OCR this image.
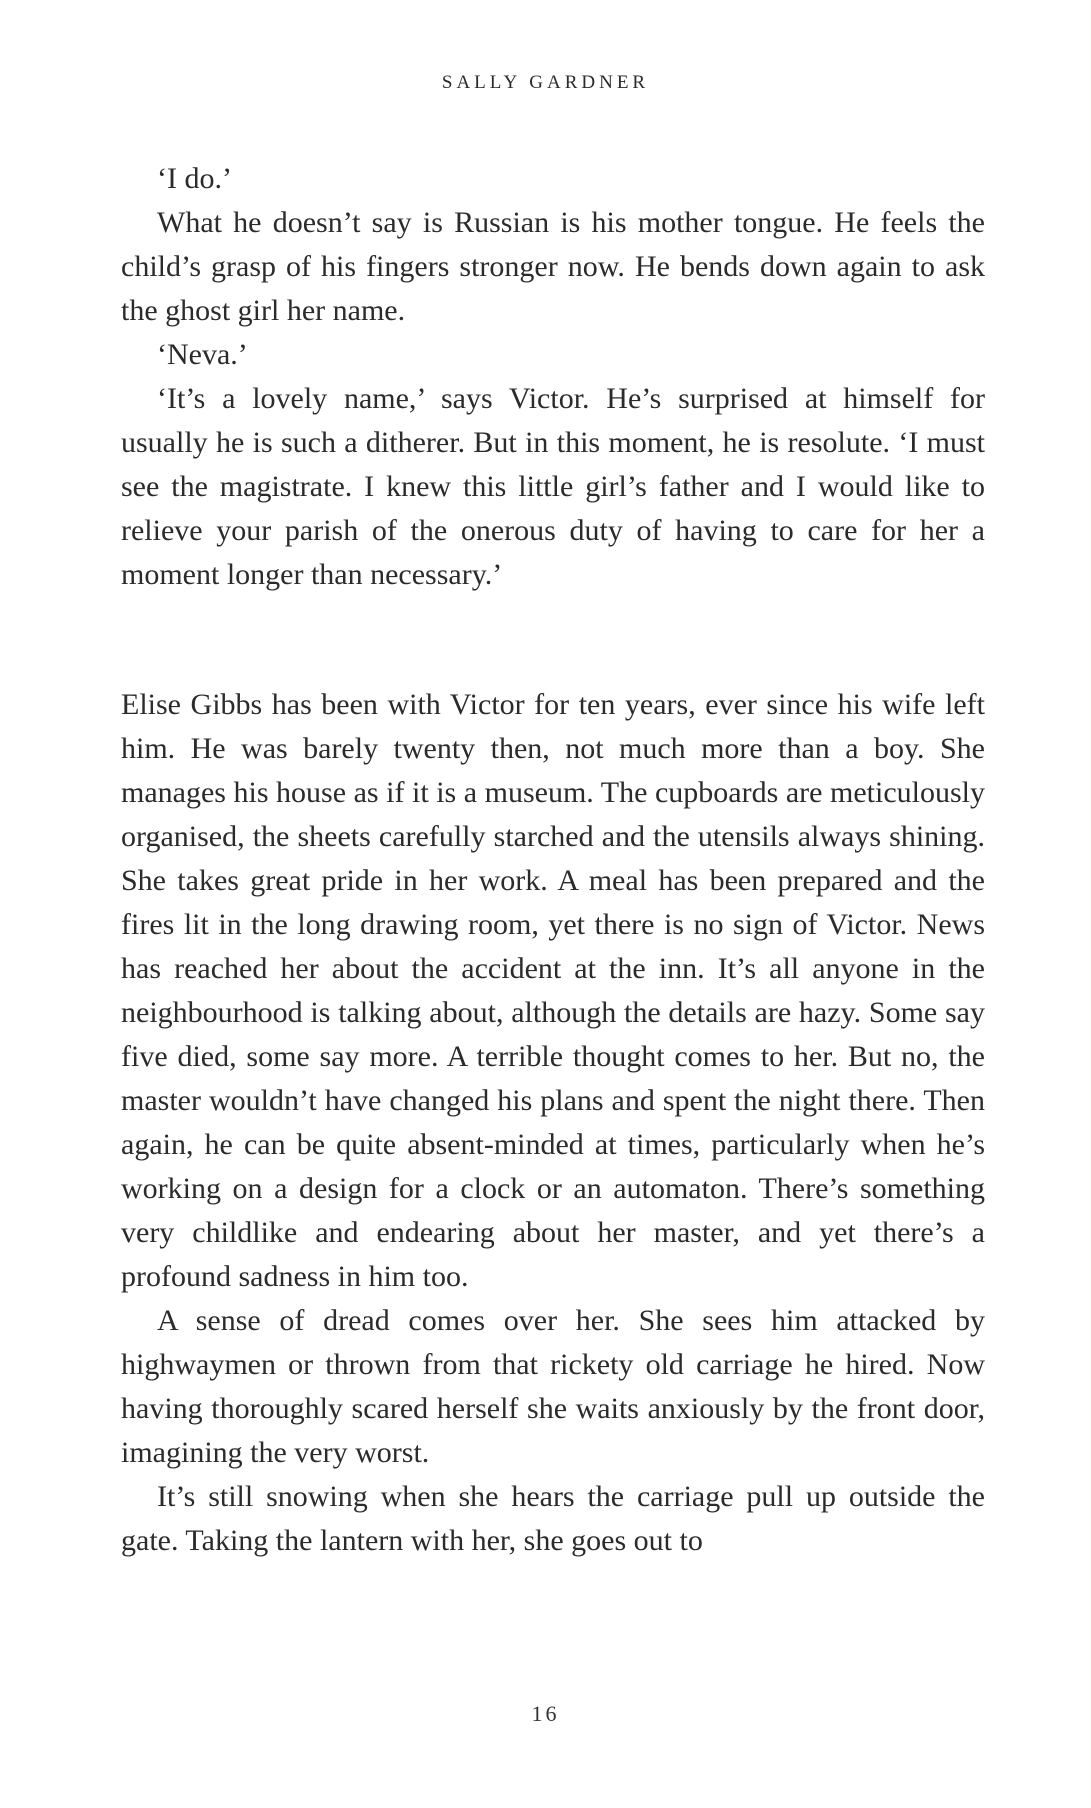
SALLY GARDNER

‘I do.’

What he doesn’t say is Russian is his mother tongue. He feels the child’s grasp of his fingers stronger now. He bends down again to ask the ghost girl her name.

‘Neva.’

‘It’s a lovely name,’ says Victor. He’s surprised at himself for usually he is such a ditherer. But in this moment, he is resolute. ‘I must see the magistrate. I knew this little girl’s father and I would like to relieve your parish of the onerous duty of having to care for her a moment longer than necessary.’

Elise Gibbs has been with Victor for ten years, ever since his wife left him. He was barely twenty then, not much more than a boy. She manages his house as if it is a museum. The cupboards are meticulously organised, the sheets carefully starched and the utensils always shining. She takes great pride in her work. A meal has been prepared and the fires lit in the long drawing room, yet there is no sign of Victor. News has reached her about the accident at the inn. It’s all anyone in the neighbourhood is talking about, although the details are hazy. Some say five died, some say more. A terrible thought comes to her. But no, the master wouldn’t have changed his plans and spent the night there. Then again, he can be quite absent-minded at times, particularly when he’s working on a design for a clock or an automaton. There’s something very childlike and endearing about her master, and yet there’s a profound sadness in him too.

A sense of dread comes over her. She sees him attacked by highwaymen or thrown from that rickety old carriage he hired. Now having thoroughly scared herself she waits anxiously by the front door, imagining the very worst.

It’s still snowing when she hears the carriage pull up outside the gate. Taking the lantern with her, she goes out to

16
